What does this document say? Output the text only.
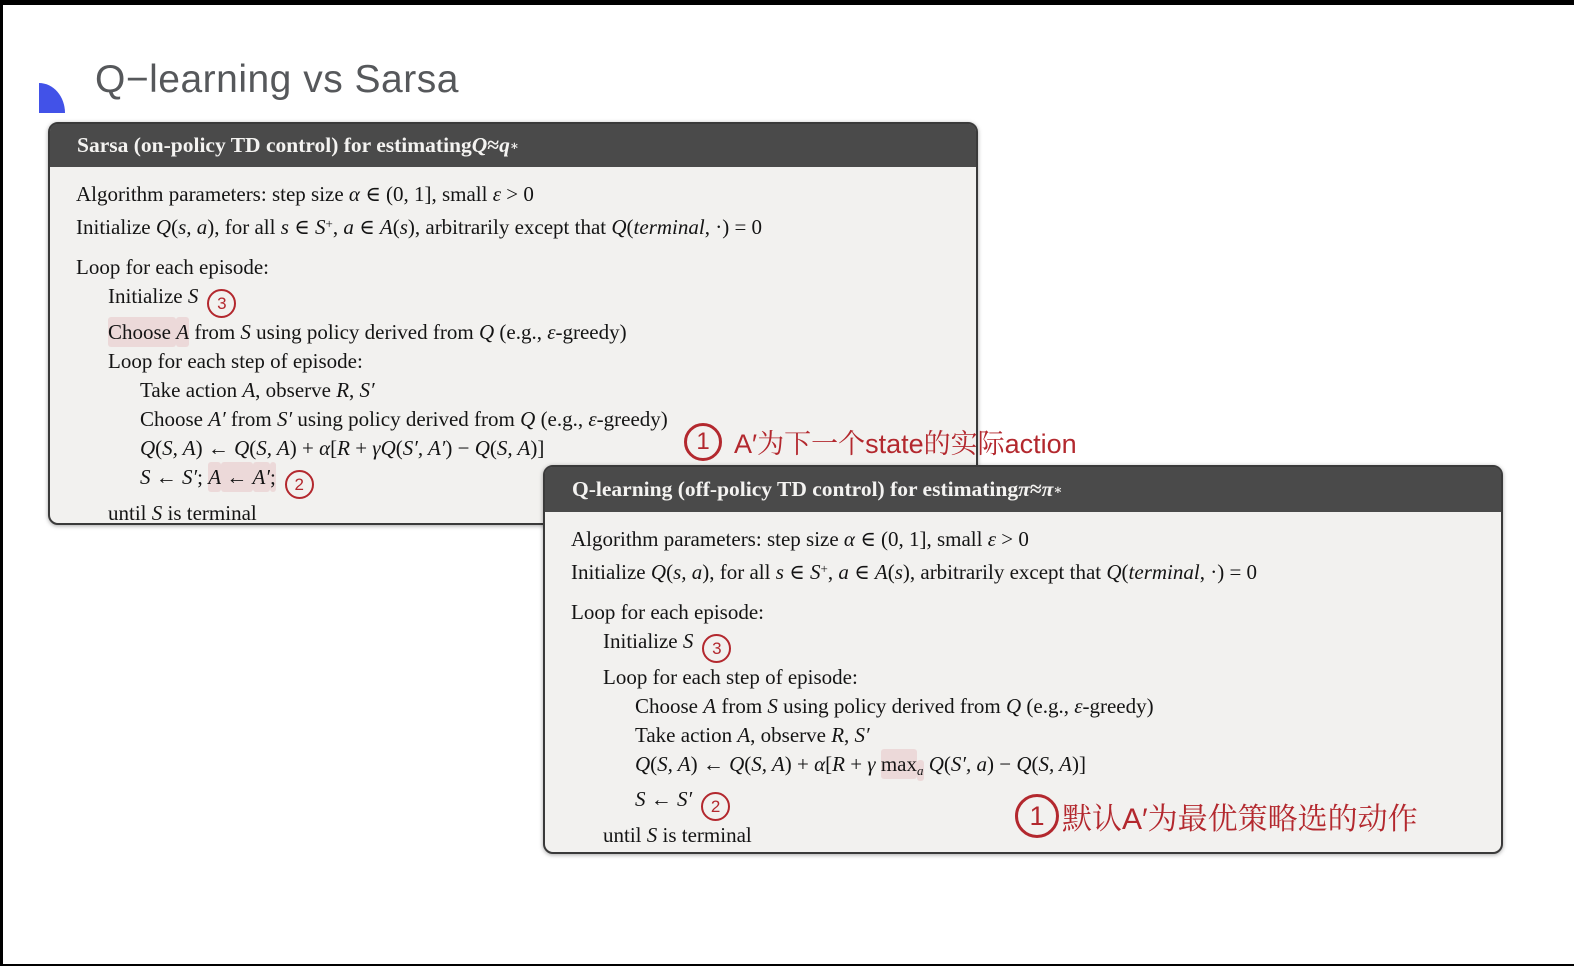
Q−learning vs Sarsa
Sarsa (on-policy TD control) for estimating Q ≈ q ∗
Algorithm parameters: step size α ∈ (0, 1], small ε > 0
Initialize Q(s, a), for all s ∈ S+, a ∈ A(s), arbitrarily except that Q(terminal, ·) = 0
Loop for each episode:
Initialize S 3
Choose A from S using policy derived from Q (e.g., ε-greedy)
Loop for each step of episode:
Take action A, observe R, S′
Choose A′ from S′ using policy derived from Q (e.g., ε-greedy)
Q(S, A) ← Q(S, A) + α[R + γQ(S′, A′) − Q(S, A)]
S ← S′; A ← A′; 2
until S is terminal
Q-learning (off-policy TD control) for estimating π ≈ π ∗
Algorithm parameters: step size α ∈ (0, 1], small ε > 0
Initialize Q(s, a), for all s ∈ S+, a ∈ A(s), arbitrarily except that Q(terminal, ·) = 0
Loop for each episode:
Initialize S 3
Loop for each step of episode:
Choose A from S using policy derived from Q (e.g., ε-greedy)
Take action A, observe R, S′
Q(S, A) ← Q(S, A) + α[R + γ $\max_a Q(S'$, a) − Q(S, A)]
S ← S′ 2
until S is terminal
1 A′为下一个state的实际action
1 默认A′为最优策略选的动作
